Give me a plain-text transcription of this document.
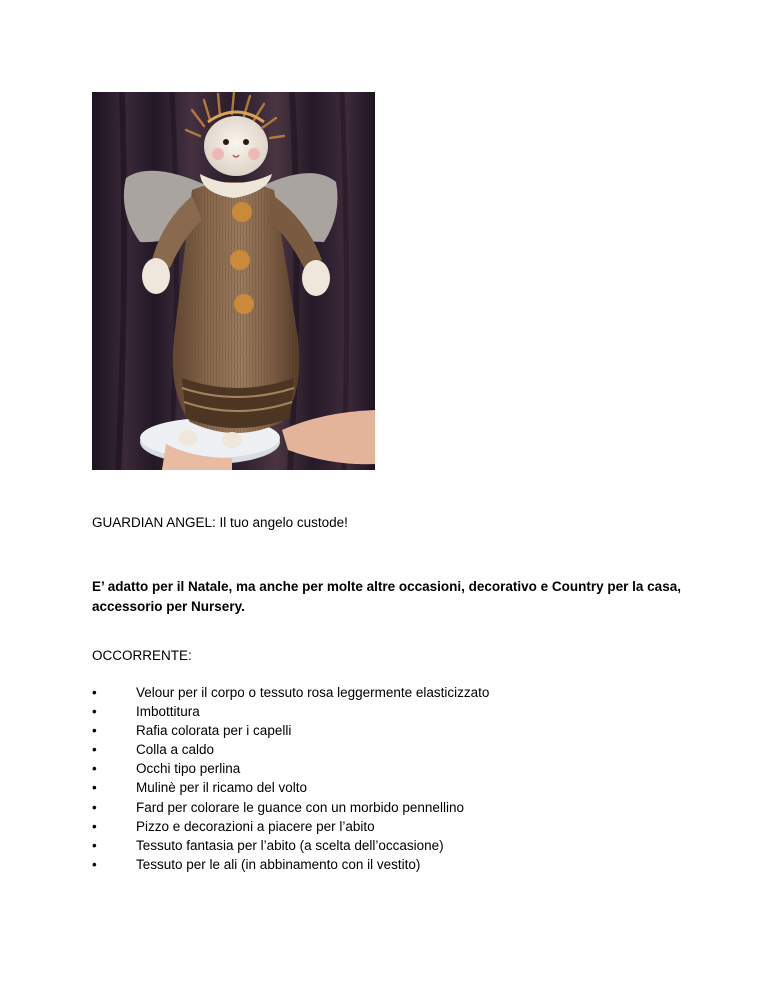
GUARDIAN ANGEL: Il tuo angelo custode!
E’ adatto per il Natale, ma anche per molte altre occasioni, decorativo e Country per la casa, accessorio per Nursery.
OCCORRENTE:
•	Velour per il corpo o tessuto rosa leggermente elasticizzato
•	Imbottitura
•	Rafia colorata per i capelli
•	Colla a caldo
•	Occhi tipo perlina
•	Mulinè per il ricamo del volto
•	Fard per colorare le guance con un morbido pennellino
•	Pizzo e decorazioni a piacere per l’abito
•	Tessuto fantasia per l’abito (a scelta dell’occasione)
•	Tessuto per le ali (in abbinamento con il vestito)
